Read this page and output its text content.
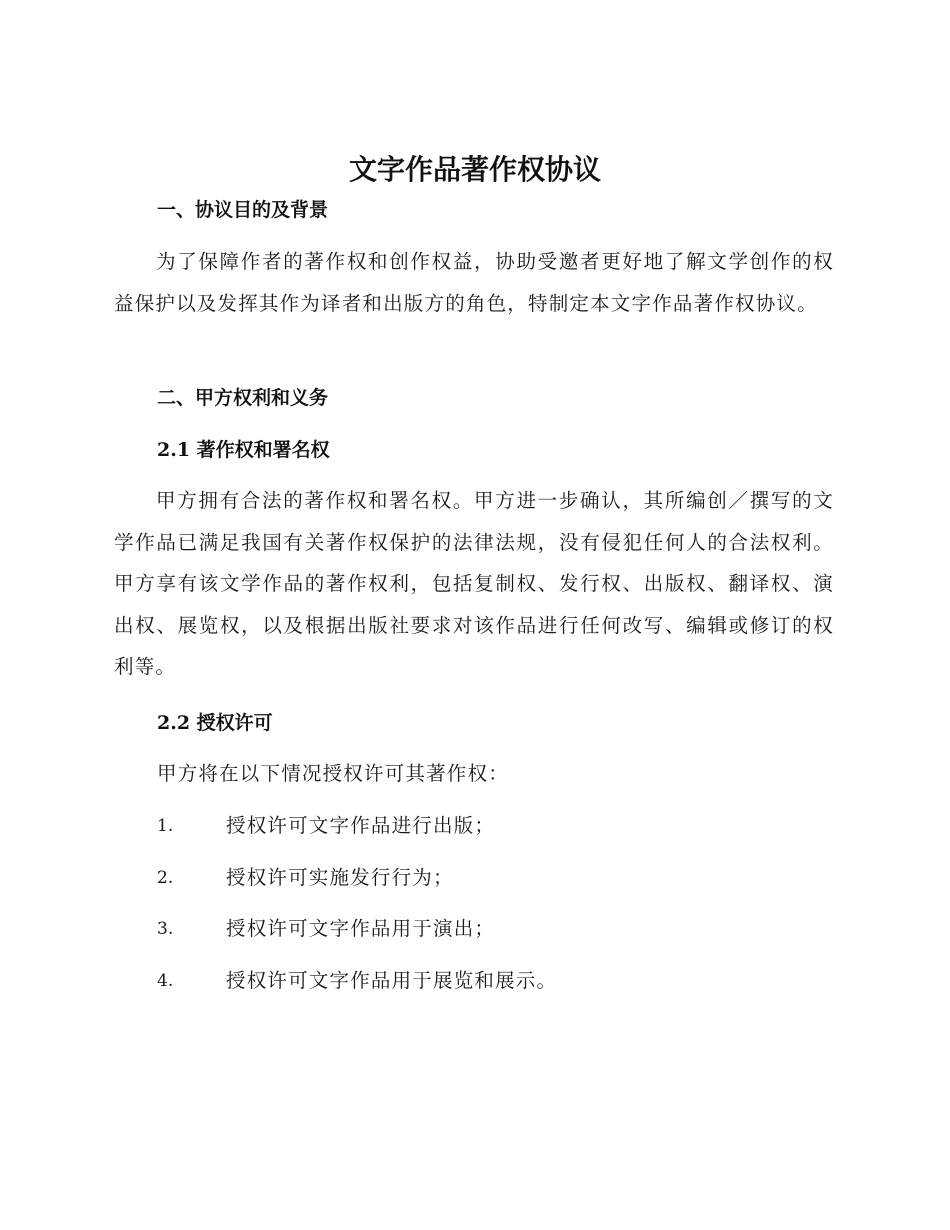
文字作品著作权协议
一、协议目的及背景

为了保障作者的著作权和创作权益，协助受邀者更好地了解文学创作的权益保护以及发挥其作为译者和出版方的角色，特制定本文字作品著作权协议。

二、甲方权利和义务
2.1 著作权和署名权

甲方拥有合法的著作权和署名权。甲方进一步确认，其所编创／撰写的文学作品已满足我国有关著作权保护的法律法规，没有侵犯任何人的合法权利。甲方享有该文学作品的著作权利，包括复制权、发行权、出版权、翻译权、演出权、展览权，以及根据出版社要求对该作品进行任何改写、编辑或修订的权利等。

2.2 授权许可

甲方将在以下情况授权许可其著作权：

1.	授权许可文字作品进行出版；
2.	授权许可实施发行行为；
3.	授权许可文字作品用于演出；
4.	授权许可文字作品用于展览和展示。
